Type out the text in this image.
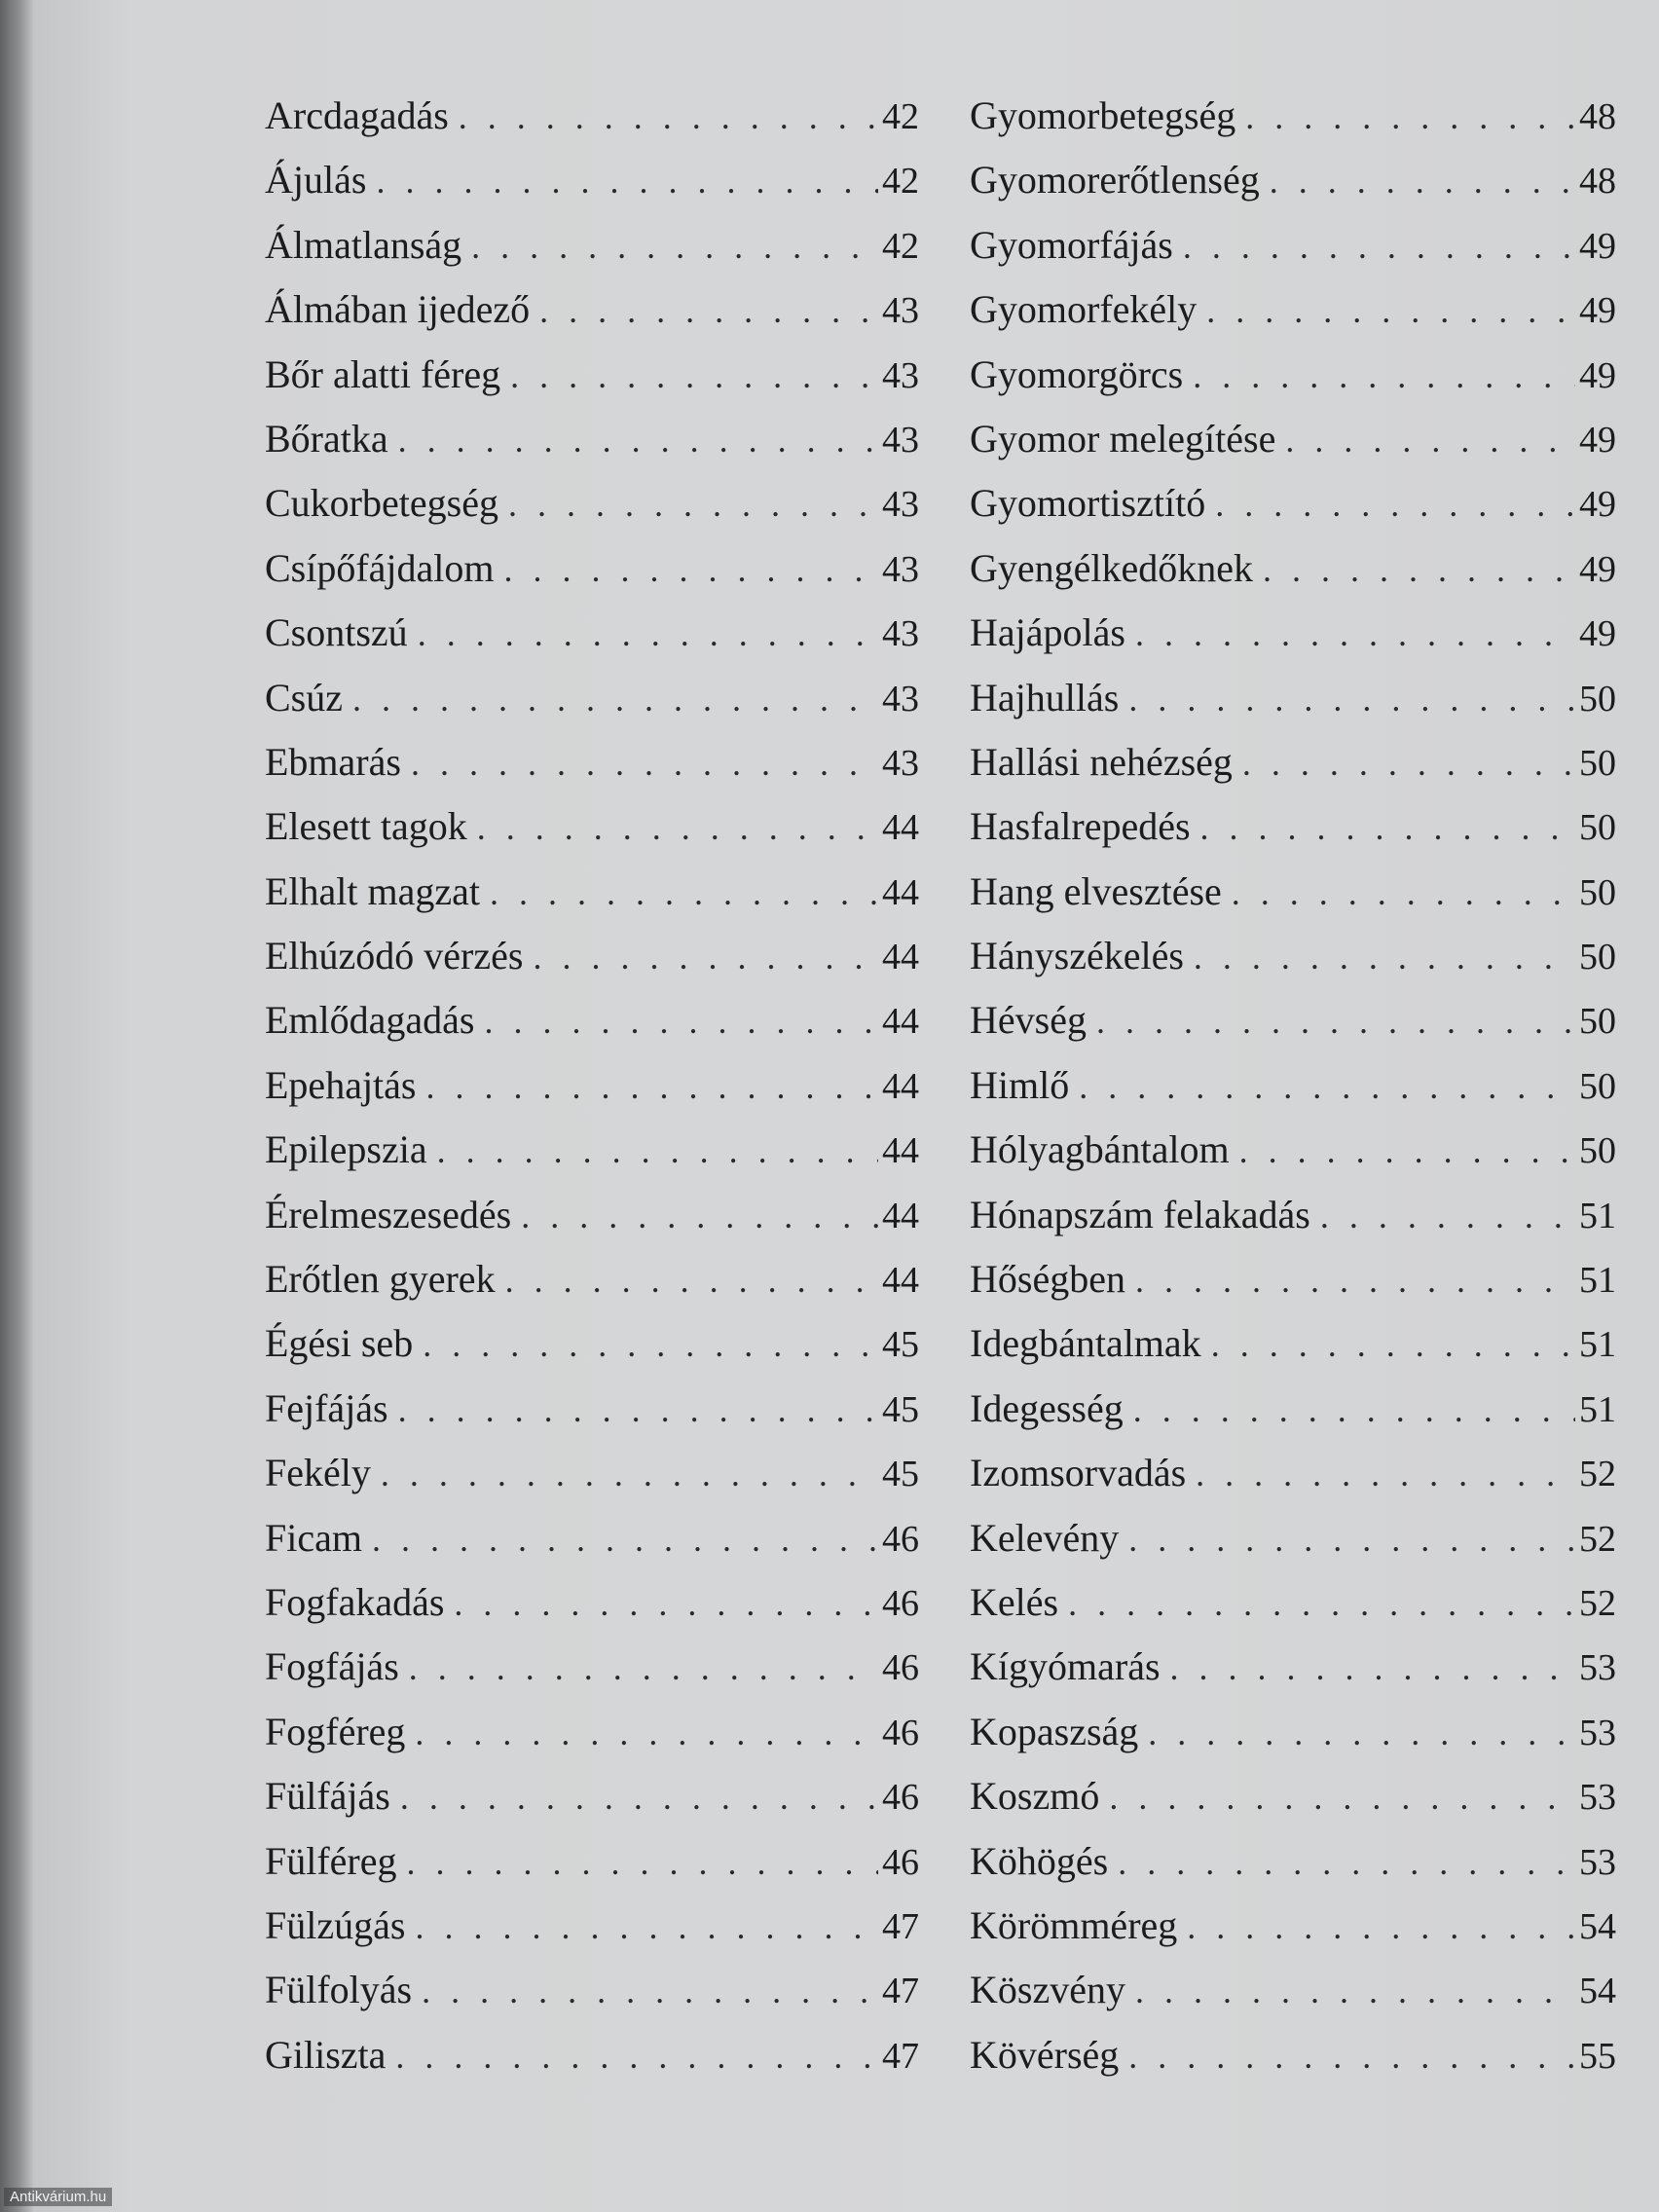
Arcdagadás . . .	42
Ájulás . . .	42
Álmatlanság . . .	42
Álmában ijedező . . .	43
Bőr alatti féreg . . .	43
Bőratka . . .	43
Cukorbetegség . . .	43
Csípőfájdalom . . .	43
Csontszú . . .	43
Csúz . . .	43
Ebmarás . . .	43
Elesett tagok . . .	44
Elhalt magzat . . .	44
Elhúzódó vérzés . . .	44
Emlődagadás . . .	44
Epehajtás . . .	44
Epilepszia . . .	44
Érelmeszesedés . . .	44
Erőtlen gyerek . . .	44
Égési seb . . .	45
Fejfájás . . .	45
Fekély . . .	45
Ficam . . .	46
Fogfakadás . . .	46
Fogfájás . . .	46
Fogféreg . . .	46
Fülfájás . . .	46
Fülféreg . . .	46
Fülzúgás . . .	47
Fülfolyás . . .	47
Giliszta . . .	47
Gyomorbetegség . . .	48
Gyomorerőtlenség . . .	48
Gyomorfájás . . .	49
Gyomorfekély . . .	49
Gyomorgörcs . . .	49
Gyomor melegítése . . .	49
Gyomortisztító . . .	49
Gyengélkedőknek . . .	49
Hajápolás . . .	49
Hajhullás . . .	50
Hallási nehézség . . .	50
Hasfalrepedés . . .	50
Hang elvesztése . . .	50
Hányszékelés . . .	50
Hévség . . .	50
Himlő . . .	50
Hólyagbántalom . . .	50
Hónapszám felakadás . . .	51
Hőségben . . .	51
Idegbántalmak . . .	51
Idegesség . . .	51
Izomsorvadás . . .	52
Kelevény . . .	52
Kelés . . .	52
Kígyómarás . . .	53
Kopaszság . . .	53
Koszmó . . .	53
Köhögés . . .	53
Körömméreg . . .	54
Köszvény . . .	54
Kövérség . . .	55
Antikvárium.hu
